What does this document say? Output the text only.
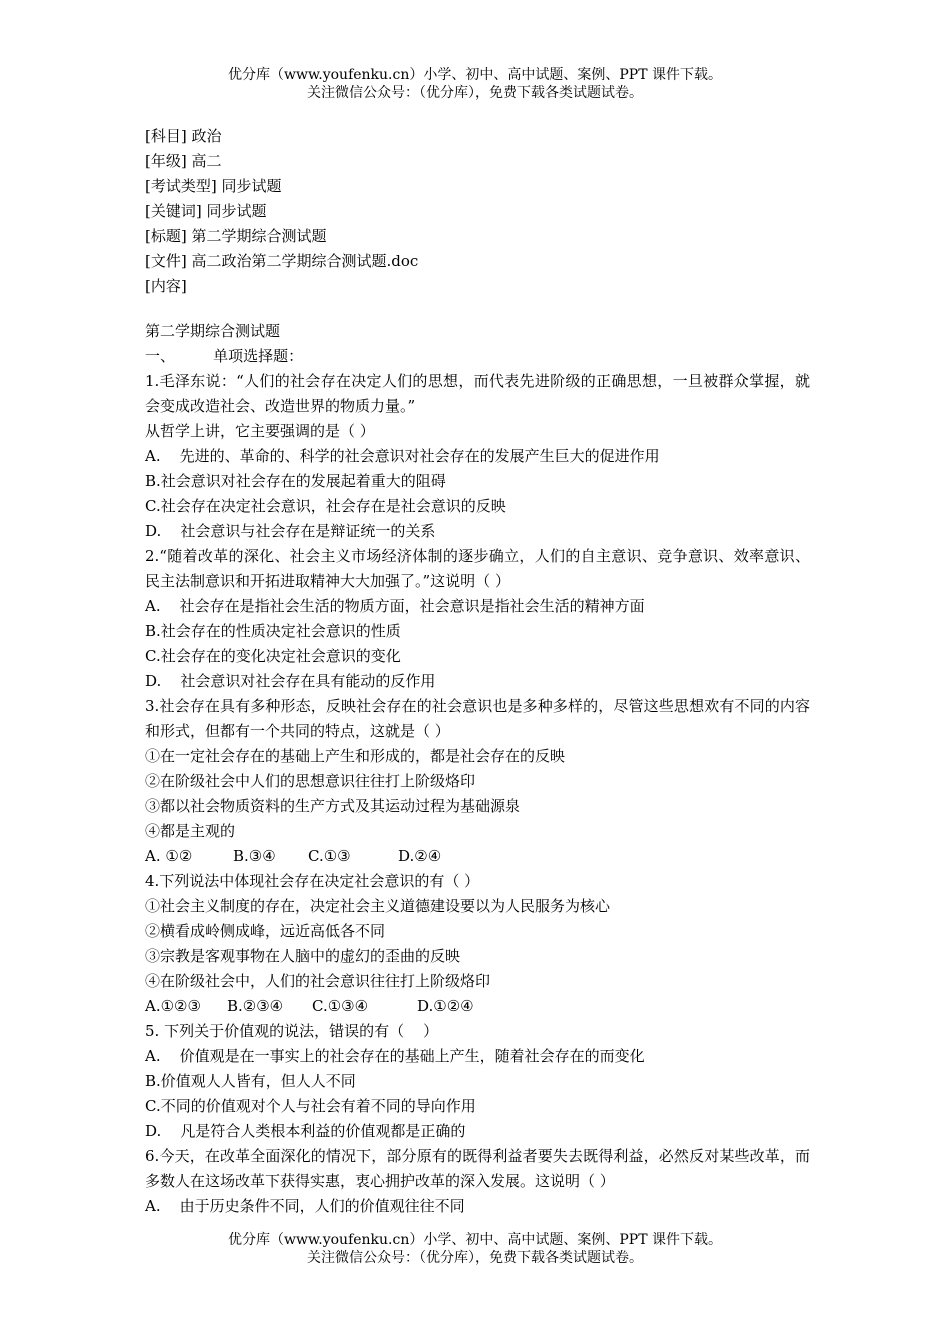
优分库（www.youfenku.cn）小学、初中、高中试题、案例、PPT 课件下载。
关注微信公众号：（优分库），免费下载各类试题试卷。
[科目] 政治
[年级] 高二
[考试类型] 同步试题
[关键词] 同步试题
[标题] 第二学期综合测试题
[文件] 高二政治第二学期综合测试题.doc
[内容]
第二学期综合测试题
一、        单项选择题：
1.毛泽东说：“人们的社会存在决定人们的思想，而代表先进阶级的正确思想，一旦被群众掌握，就会变成改造社会、改造世界的物质力量。”
从哲学上讲，它主要强调的是（ ）
A.    先进的、革命的、科学的社会意识对社会存在的发展产生巨大的促进作用
B.社会意识对社会存在的发展起着重大的阻碍
C.社会存在决定社会意识，社会存在是社会意识的反映
D.    社会意识与社会存在是辩证统一的关系
2.“随着改革的深化、社会主义市场经济体制的逐步确立，人们的自主意识、竞争意识、效率意识、民主法制意识和开拓进取精神大大加强了。”这说明（ ）
A.    社会存在是指社会生活的物质方面，社会意识是指社会生活的精神方面
B.社会存在的性质决定社会意识的性质
C.社会存在的变化决定社会意识的变化
D.    社会意识对社会存在具有能动的反作用
3.社会存在具有多种形态，反映社会存在的社会意识也是多种多样的，尽管这些思想欢有不同的内容和形式，但都有一个共同的特点，这就是（ ）
①在一定社会存在的基础上产生和形成的，都是社会存在的反映
②在阶级社会中人们的思想意识往往打上阶级烙印
③都以社会物质资料的生产方式及其运动过程为基础源泉
④都是主观的
A. ①②	B.③④ C.①③	D.②④
4.下列说法中体现社会存在决定社会意识的有（ ）
①社会主义制度的存在，决定社会主义道德建设要以为人民服务为核心
②横看成岭侧成峰，远近高低各不同
③宗教是客观事物在人脑中的虚幻的歪曲的反映
④在阶级社会中，人们的社会意识往往打上阶级烙印
A.①②③ B.②③④ C.①③④	D.①②④
5. 下列关于价值观的说法，错误的有（    ）
A.    价值观是在一事实上的社会存在的基础上产生，随着社会存在的而变化
B.价值观人人皆有，但人人不同
C.不同的价值观对个人与社会有着不同的导向作用
D.    凡是符合人类根本利益的价值观都是正确的
6.今天，在改革全面深化的情况下，部分原有的既得利益者要失去既得利益，必然反对某些改革，而多数人在这场改革下获得实惠，衷心拥护改革的深入发展。这说明（ ）
A.    由于历史条件不同，人们的价值观往往不同
优分库（www.youfenku.cn）小学、初中、高中试题、案例、PPT 课件下载。
关注微信公众号：（优分库），免费下载各类试题试卷。
